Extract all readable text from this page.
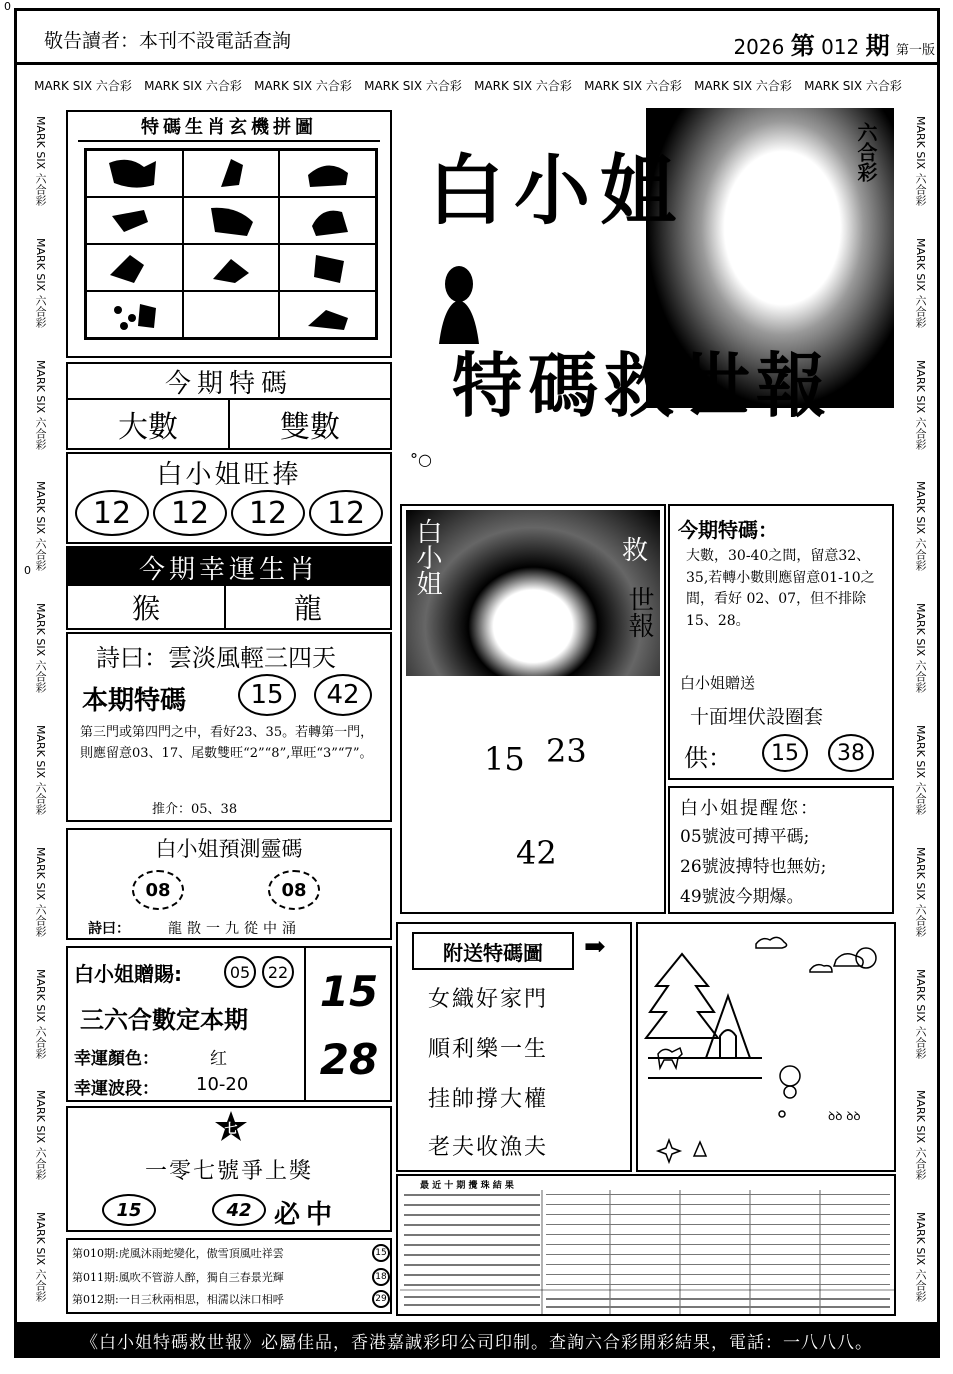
0
0
敬告讀者：本刊不設電話查詢	2026 第 012 期 第一版
MARK SIX 六合彩 MARK SIX 六合彩 MARK SIX 六合彩 MARK SIX 六合彩 MARK SIX 六合彩 MARK SIX 六合彩 MARK SIX 六合彩 MARK SIX 六合彩
MARK SIX 六合彩
MARK SIX 六合彩
MARK SIX 六合彩
MARK SIX 六合彩
MARK SIX 六合彩
MARK SIX 六合彩
MARK SIX 六合彩
MARK SIX 六合彩
MARK SIX 六合彩
MARK SIX 六合彩
MARK SIX 六合彩
MARK SIX 六合彩
MARK SIX 六合彩
MARK SIX 六合彩
MARK SIX 六合彩
MARK SIX 六合彩
MARK SIX 六合彩
MARK SIX 六合彩
MARK SIX 六合彩
MARK SIX 六合彩
特碼生肖玄機拼圖
今期特碼
大數	雙數
白小姐旺捧
12	12	12	12
今期幸運生肖
猴	龍
詩曰：雲淡風輕三四天
本期特碼	15	42
第三門或第四門之中，看好23、35。若轉第一門，則應留意03、17、尾數雙旺“2”“8”,單旺“3”“7”。
推介：05、38
白小姐預測靈碼
08	08
詩曰：	龍散一九從中涌
白小姐贈賜:	05	22
三六合數定本期
幸運顏色：	红
幸運波段： 10-20
15
28
七
一零七號爭上獎
15	42 必中
第010期:虎風沐雨蛇變化，傲雪頂風吐祥雲	15
第011期:風吹不管游人醉，獨自三春景光輝	18
第012期:一日三秋兩相思，相濡以沫口相呼	29
白小姐	六合彩
特碼救世報
°○
白小姐	救
世報
15 23
42
今期特碼：
大數，30-40之間，留意32、35,若轉小數則應留意01-10之間，看好 02、07，但不排除15、28。
白小姐贈送
十面埋伏設圈套
供：	15	38
白小姐提醒您：
05號波可搏平碼;
26號波搏特也無妨;
49號波今期爆。
附送特碼圖	➡
女織好家門
順利樂一生
挂帥撐大權
老夫收漁夫
ꝺꝺ ꝺꝺ
最 近 十 期 攪 珠 結 果
《白小姐特碼救世報》必屬佳品，香港嘉誠彩印公司印制。查詢六合彩開彩結果，電話：一八八八。
